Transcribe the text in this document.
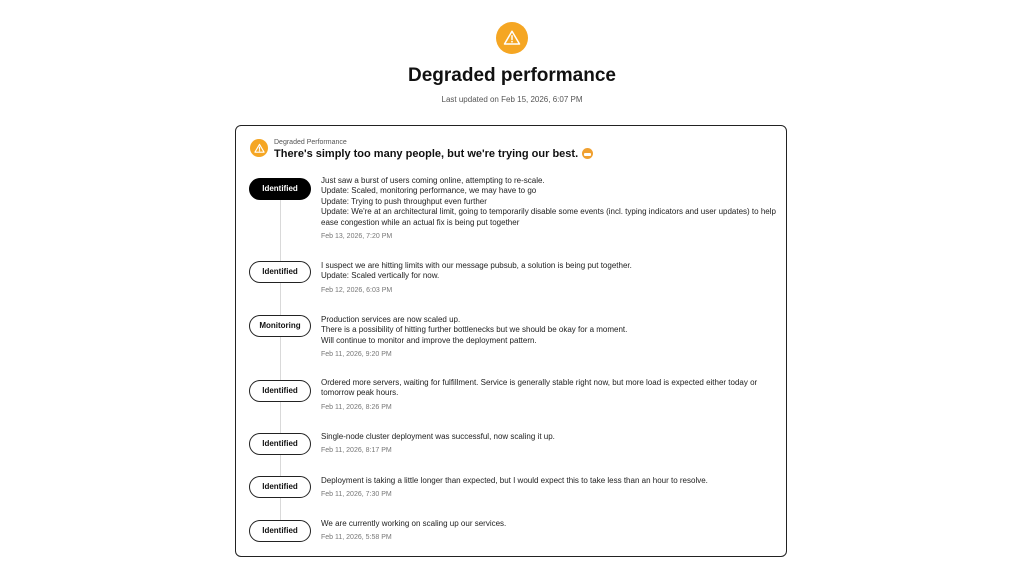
Degraded performance
Last updated on Feb 15, 2026, 6:07 PM
Degraded Performance
There's simply too many people, but we're trying our best.
Identified
Just saw a burst of users coming online, attempting to re-scale.
Update: Scaled, monitoring performance, we may have to go
Update: Trying to push throughput even further
Update: We're at an architectural limit, going to temporarily disable some events (incl. typing indicators and user updates) to help ease congestion while an actual fix is being put together
Feb 13, 2026, 7:20 PM
Identified
I suspect we are hitting limits with our message pubsub, a solution is being put together.
Update: Scaled vertically for now.
Feb 12, 2026, 6:03 PM
Monitoring
Production services are now scaled up.
There is a possibility of hitting further bottlenecks but we should be okay for a moment.
Will continue to monitor and improve the deployment pattern.
Feb 11, 2026, 9:20 PM
Identified
Ordered more servers, waiting for fulfillment. Service is generally stable right now, but more load is expected either today or tomorrow peak hours.
Feb 11, 2026, 8:26 PM
Identified
Single-node cluster deployment was successful, now scaling it up.
Feb 11, 2026, 8:17 PM
Identified
Deployment is taking a little longer than expected, but I would expect this to take less than an hour to resolve.
Feb 11, 2026, 7:30 PM
Identified
We are currently working on scaling up our services.
Feb 11, 2026, 5:58 PM
